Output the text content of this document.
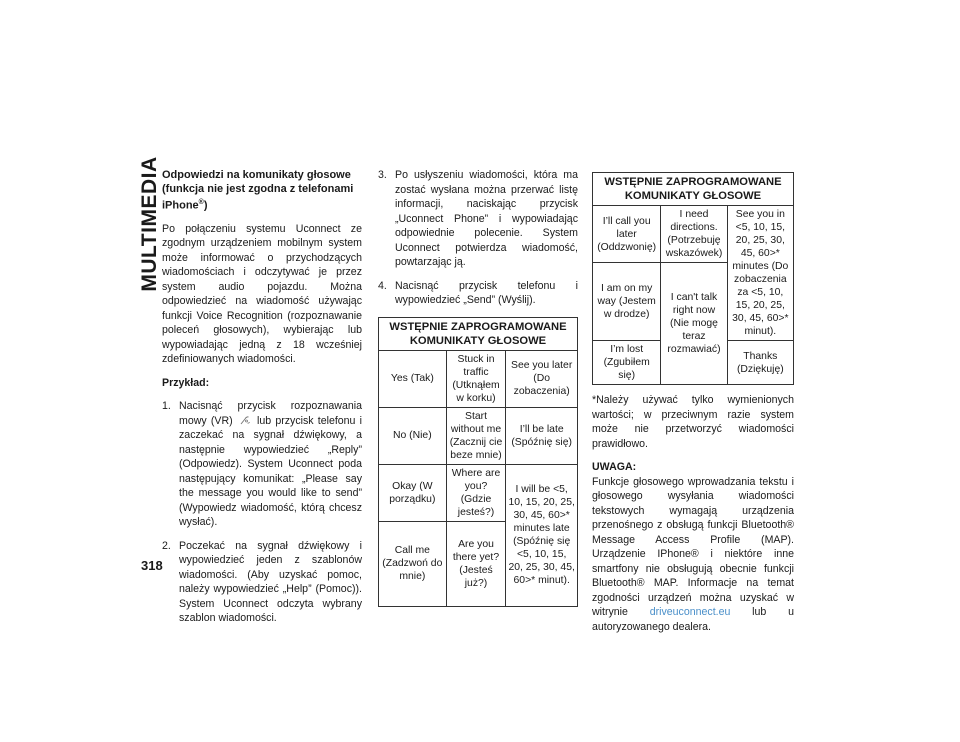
MULTIMEDIA
318
Odpowiedzi na komunikaty głosowe
(funkcja nie jest zgodna z telefonami
iPhone®)

Po połączeniu systemu Uconnect ze zgodnym urządzeniem mobilnym system może informować o przychodzących wiadomościach i odczytywać je przez system audio pojazdu. Można odpowiedzieć na wiadomość używając funkcji Voice Recognition (rozpoznawanie poleceń głosowych), wybierając lub wypowiadając jedną z 18 wcześniej zdefiniowanych wiadomości.

Przykład:

1. Nacisnąć przycisk rozpoznawania mowy (VR) lub przycisk telefonu i zaczekać na sygnał dźwiękowy, a następnie wypowiedzieć „Reply” (Odpowiedz). System Uconnect poda następujący komunikat: „Please say the message you would like to send” (Wypowiedz wiadomość, którą chcesz wysłać).
2. Poczekać na sygnał dźwiękowy i wypowiedzieć jeden z szablonów wiadomości. (Aby uzyskać pomoc, należy wypowiedzieć „Help” (Pomoc)). System Uconnect odczyta wybrany szablon wiadomości.
3. Po usłyszeniu wiadomości, która ma zostać wysłana można przerwać listę informacji, naciskając przycisk „Uconnect Phone” i wypowiadając odpowiednie polecenie. System Uconnect potwierdza wiadomość, powtarzając ją.
4. Nacisnąć przycisk telefonu i wypowiedzieć „Send” (Wyślij).
WSTĘPNIE ZAPROGRAMOWANE KOMUNIKATY GŁOSOWE		
Yes (Tak)	Stuck in traffic (Utknąłem w korku)	See you later (Do zobaczenia)
No (Nie)	Start without me (Zacznij cie beze mnie)	I’ll be late (Spóźnię się)
Okay (W porządku)	Where are you? (Gdzie jesteś?)	I will be <5, 10, 15, 20, 25, 30, 45, 60>* minutes late (Spóźnię się <5, 10, 15, 20, 25, 30, 45, 60>* minut).
Call me (Zadzwoń do mnie)	Are you there yet? (Jesteś już?)	
WSTĘPNIE ZAPROGRAMOWANE KOMUNIKATY GŁOSOWE		
I’ll call you later (Oddzwonię)	I need directions. (Potrzebuję wskazówek)	See you in <5, 10, 15, 20, 25, 30, 45, 60>* minutes (Do zobaczenia za <5, 10, 15, 20, 25, 30, 45, 60>* minut).
I am on my way (Jestem w drodze)	I can't talk right now (Nie mogę teraz rozmawiać)	
I’m lost (Zgubiłem się)		Thanks (Dziękuję)

*Należy używać tylko wymienionych wartości; w przeciwnym razie system może nie przetworzyć wiadomości prawidłowo.

UWAGA:

Funkcje głosowego wprowadzania tekstu i głosowego wysyłania wiadomości tekstowych wymagają urządzenia przenośnego z obsługą funkcji Bluetooth® Message Access Profile (MAP). Urządzenie IPhone® i niektóre inne smartfony nie obsługują obecnie funkcji Bluetooth® MAP. Informacje na temat zgodności urządzeń można uzyskać w witrynie driveuconnect.eu lub u autoryzowanego dealera.
